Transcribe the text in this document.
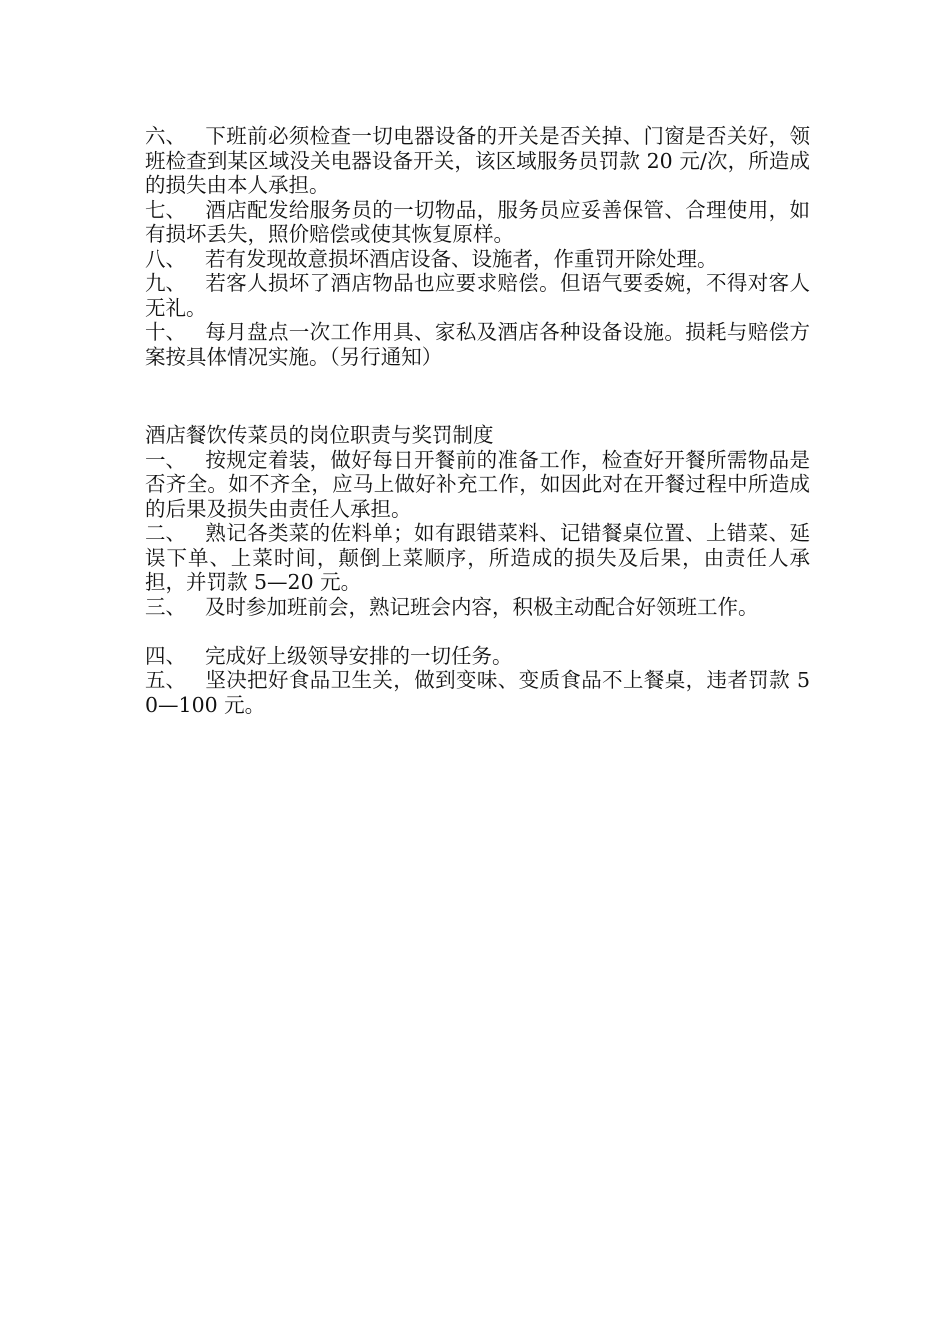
六、 下班前必须检查一切电器设备的开关是否关掉、门窗是否关好，领班检查到某区域没关电器设备开关，该区域服务员罚款 20 元/次，所造成的损失由本人承担。

七、 酒店配发给服务员的一切物品，服务员应妥善保管、合理使用，如有损坏丢失，照价赔偿或使其恢复原样。

八、 若有发现故意损坏酒店设备、设施者，作重罚开除处理。

九、 若客人损坏了酒店物品也应要求赔偿。但语气要委婉，不得对客人无礼。

十、 每月盘点一次工作用具、家私及酒店各种设备设施。损耗与赔偿方案按具体情况实施。（另行通知）

酒店餐饮传菜员的岗位职责与奖罚制度

一、 按规定着装，做好每日开餐前的准备工作，检查好开餐所需物品是否齐全。如不齐全，应马上做好补充工作，如因此对在开餐过程中所造成的后果及损失由责任人承担。

二、 熟记各类菜的佐料单；如有跟错菜料、记错餐桌位置、上错菜、延误下单、上菜时间，颠倒上菜顺序，所造成的损失及后果，由责任人承担，并罚款 5—20 元。

三、 及时参加班前会，熟记班会内容，积极主动配合好领班工作。

四、 完成好上级领导安排的一切任务。

五、 坚决把好食品卫生关，做到变味、变质食品不上餐桌，违者罚款 50—100 元。
